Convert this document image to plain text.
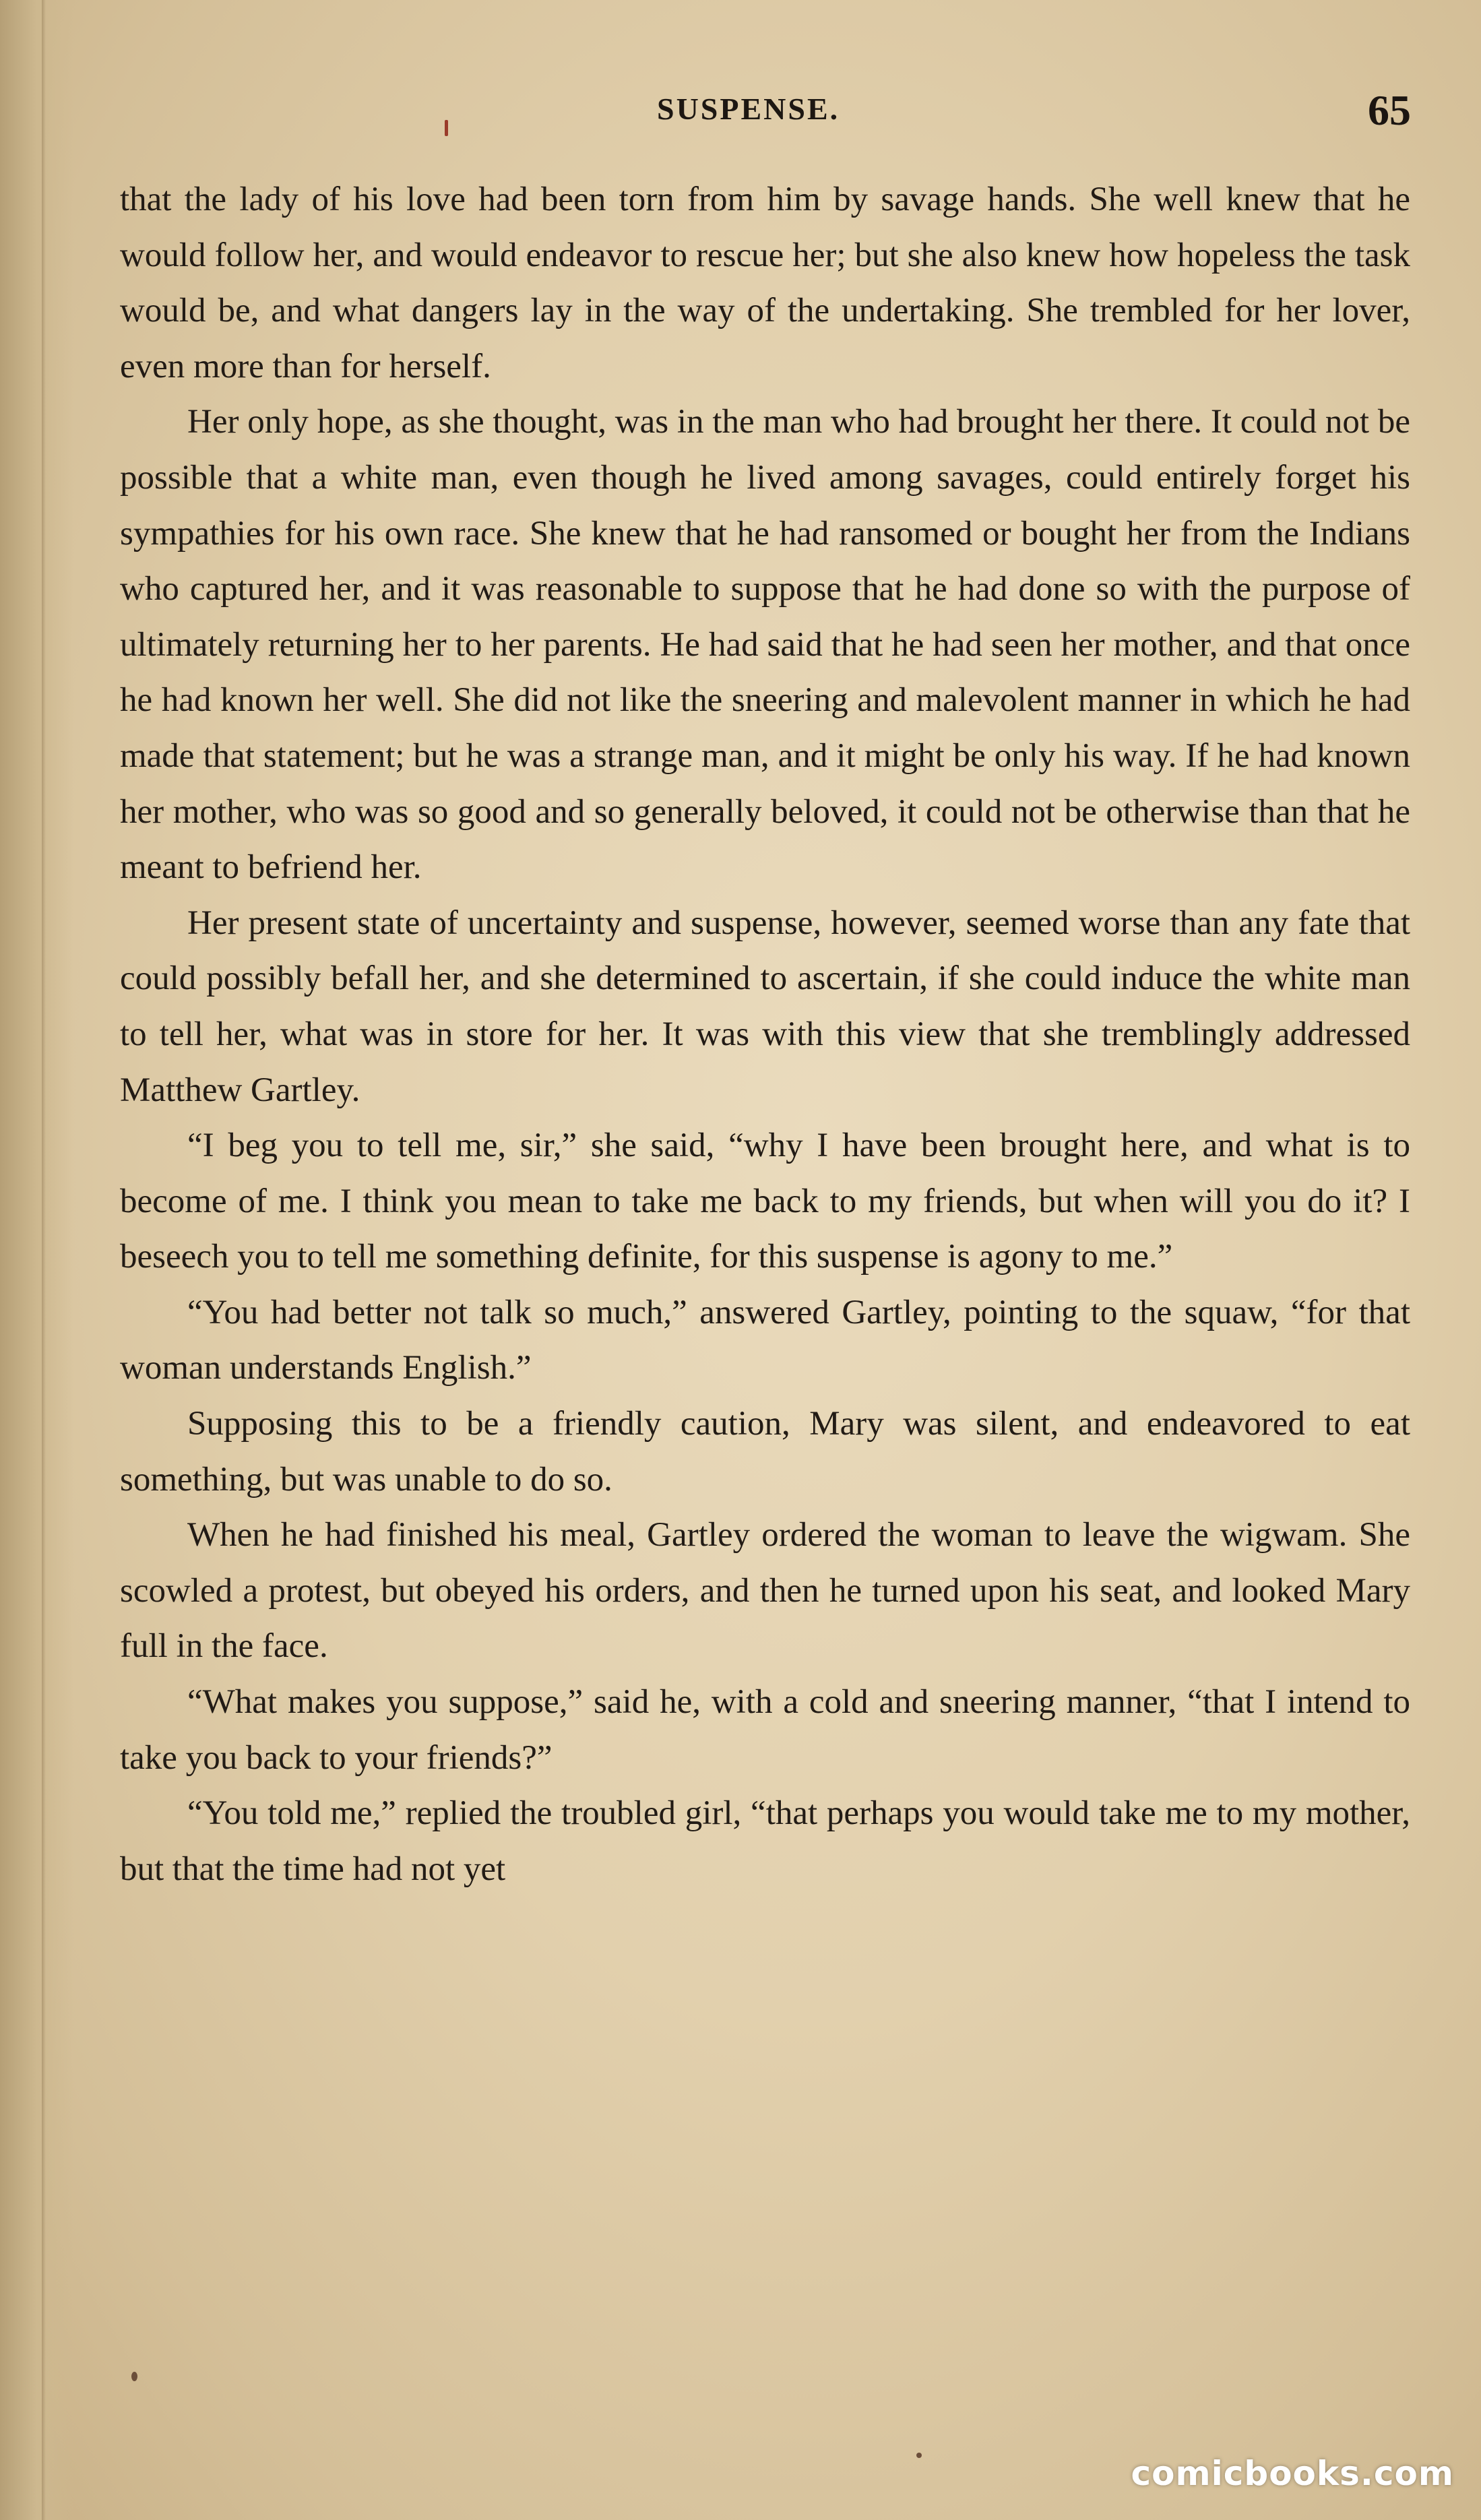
SUSPENSE.	65

that the lady of his love had been torn from him by savage hands. She well knew that he would follow her, and would endeavor to rescue her; but she also knew how hopeless the task would be, and what dangers lay in the way of the undertaking. She trembled for her lover, even more than for herself.

Her only hope, as she thought, was in the man who had brought her there. It could not be possible that a white man, even though he lived among savages, could entirely forget his sympathies for his own race. She knew that he had ransomed or bought her from the Indians who captured her, and it was reasonable to suppose that he had done so with the purpose of ultimately returning her to her parents. He had said that he had seen her mother, and that once he had known her well. She did not like the sneering and malevolent manner in which he had made that statement; but he was a strange man, and it might be only his way. If he had known her mother, who was so good and so generally beloved, it could not be otherwise than that he meant to befriend her.

Her present state of uncertainty and suspense, however, seemed worse than any fate that could possibly befall her, and she determined to ascertain, if she could induce the white man to tell her, what was in store for her. It was with this view that she tremblingly addressed Matthew Gartley.

“I beg you to tell me, sir,” she said, “why I have been brought here, and what is to become of me. I think you mean to take me back to my friends, but when will you do it? I beseech you to tell me something definite, for this suspense is agony to me.”

“You had better not talk so much,” answered Gartley, pointing to the squaw, “for that woman understands English.”

Supposing this to be a friendly caution, Mary was silent, and endeavored to eat something, but was unable to do so.

When he had finished his meal, Gartley ordered the woman to leave the wigwam. She scowled a protest, but obeyed his orders, and then he turned upon his seat, and looked Mary full in the face.

“What makes you suppose,” said he, with a cold and sneering manner, “that I intend to take you back to your friends?”

“You told me,” replied the troubled girl, “that perhaps you would take me to my mother, but that the time had not yet

comicbooks.com
